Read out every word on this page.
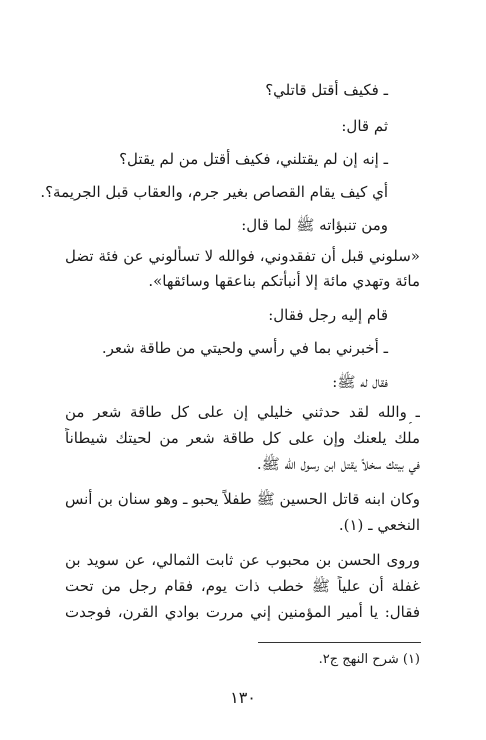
ـ فكيف أقتل قاتلي؟
ثم قال:
ـ إنه إن لم يقتلني، فكيف أقتل من لم يقتل؟
أي كيف يقام القصاص بغير جرم، والعقاب قبل الجريمة؟.
ومن تنبؤاته ﷺ لما قال:
«سلوني قبل أن تفقدوني، فوالله لا تسألوني عن فئة تضل
مائة وتهدي مائة إلا أنبأتكم بناعقها وسائقها».
قام إليه رجل فقال:
ـ أخبرني بما في رأسي ولحيتي من طاقة شعر.
فقال له ﷺ:
ـ والله لقد حدثني خليلي إن على كل طاقة شعر من
ملك يلعنك وإن على كل طاقة شعر من لحيتك شيطاناً
في بيتك سخلاً يقتل ابن رسول الله ﷺ.
وكان ابنه قاتل الحسين ﷺ طفلاً يحبو ـ وهو سنان بن أنس
النخعي ـ (١).
وروى الحسن بن محبوب عن ثابت الثمالي، عن سويد بن
غفلة أن علياً ﷺ خطب ذات يوم، فقام رجل من تحت
فقال: يا أمير المؤمنين إني مررت بوادي القرن، فوجدت
(١) شرح النهج ج٢.
١٣٠
